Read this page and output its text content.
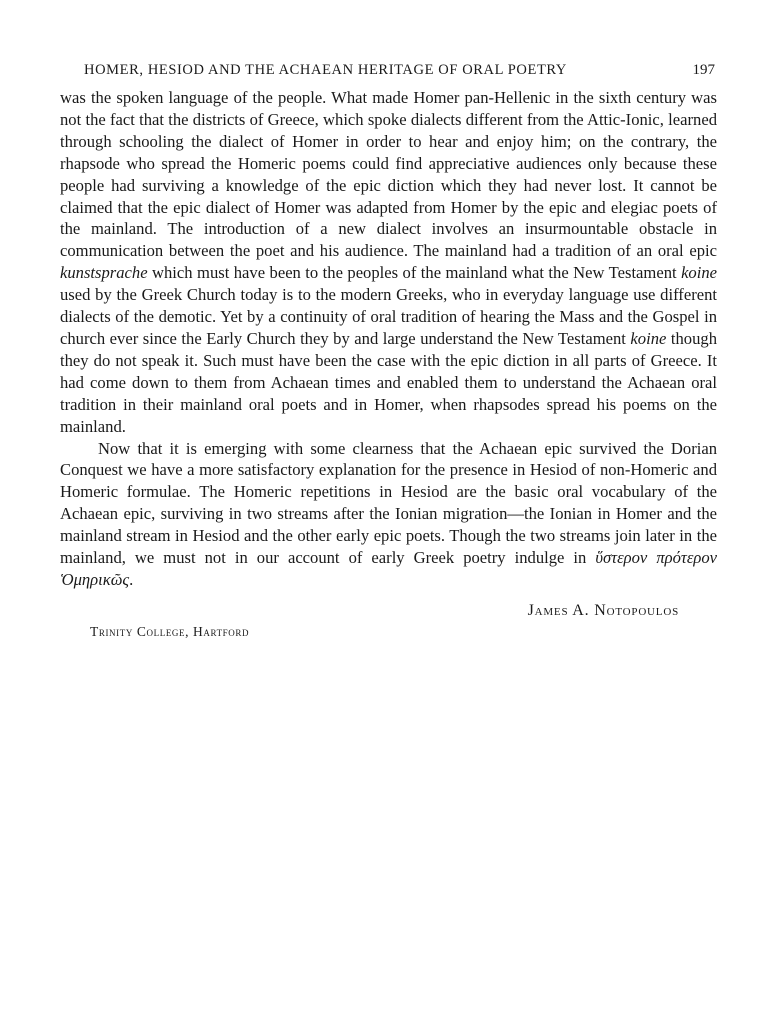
HOMER, HESIOD AND THE ACHAEAN HERITAGE OF ORAL POETRY	197

was the spoken language of the people. What made Homer pan-Hellenic in the sixth century was not the fact that the districts of Greece, which spoke dialects different from the Attic-Ionic, learned through schooling the dialect of Homer in order to hear and enjoy him; on the contrary, the rhapsode who spread the Homeric poems could find appreciative audiences only because these people had surviving a knowledge of the epic diction which they had never lost. It cannot be claimed that the epic dialect of Homer was adapted from Homer by the epic and elegiac poets of the mainland. The introduction of a new dialect involves an insurmountable obstacle in communication between the poet and his audience. The mainland had a tradition of an oral epic kunstsprache which must have been to the peoples of the mainland what the New Testament koine used by the Greek Church today is to the modern Greeks, who in everyday language use different dialects of the demotic. Yet by a continuity of oral tradition of hearing the Mass and the Gospel in church ever since the Early Church they by and large understand the New Testament koine though they do not speak it. Such must have been the case with the epic diction in all parts of Greece. It had come down to them from Achaean times and enabled them to understand the Achaean oral tradition in their mainland oral poets and in Homer, when rhapsodes spread his poems on the mainland.

Now that it is emerging with some clearness that the Achaean epic survived the Dorian Conquest we have a more satisfactory explanation for the presence in Hesiod of non-Homeric and Homeric formulae. The Homeric repetitions in Hesiod are the basic oral vocabulary of the Achaean epic, surviving in two streams after the Ionian migration—the Ionian in Homer and the mainland stream in Hesiod and the other early epic poets. Though the two streams join later in the mainland, we must not in our account of early Greek poetry indulge in ὕστερον πρότερον Ὁμηρικῶς.

James A. Notopoulos
Trinity College, Hartford
